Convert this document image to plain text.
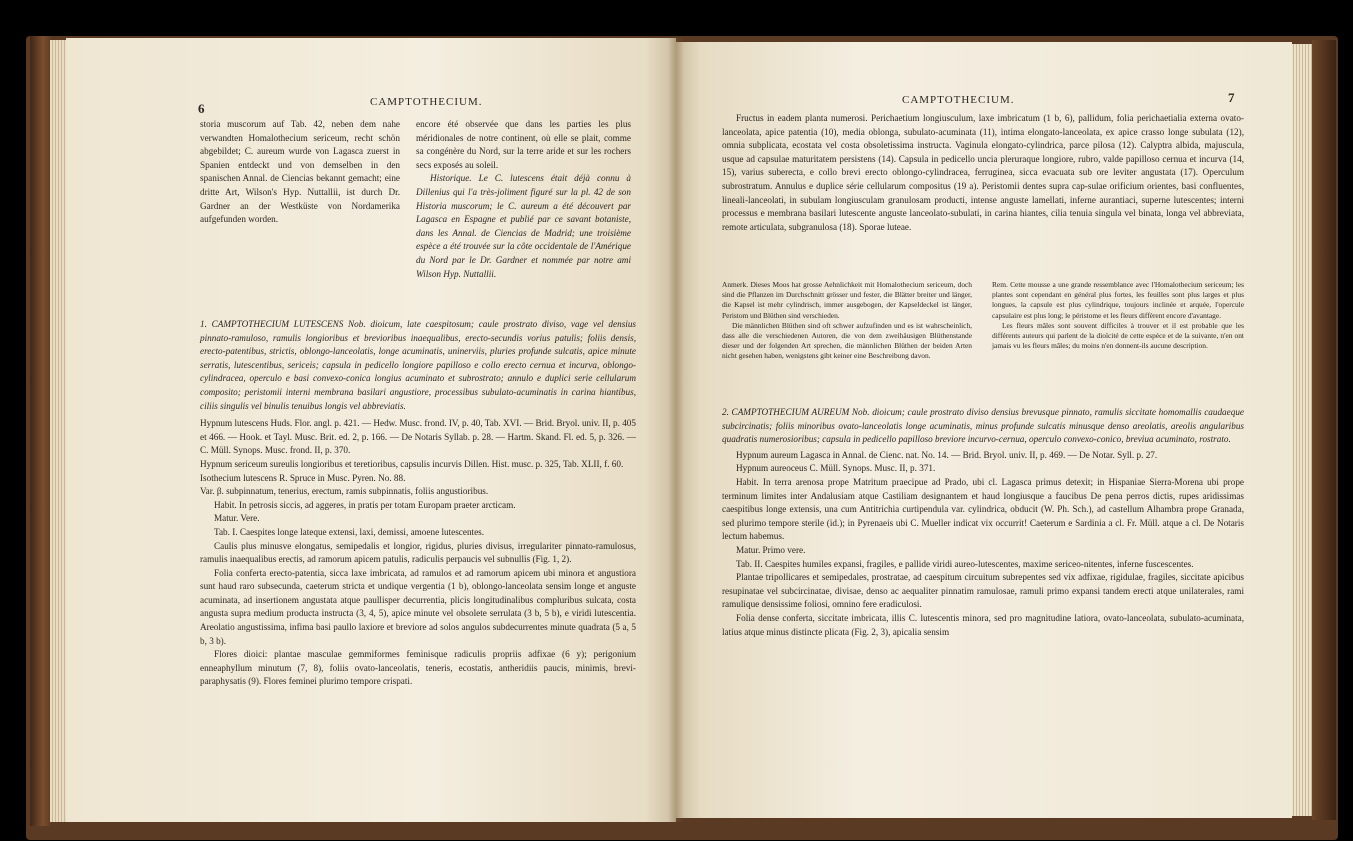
6	CAMPTOTHECIUM.
storia muscorum auf Tab. 42, neben dem nahe verwandten Homalothecium sericeum, recht schön abgebildet; C. aureum wurde von Lagasca zuerst in Spanien entdeckt und von demselben in den spanischen Annal. de Ciencias bekannt gemacht; eine dritte Art, Wilson's Hyp. Nuttallii, ist durch Dr. Gardner an der Westküste von Nordamerika aufgefunden worden.

encore été observée que dans les parties les plus méridionales de notre continent, où elle se plait, comme sa congénère du Nord, sur la terre aride et sur les rochers secs exposés au soleil.

Historique. Le C. lutescens était déjà connu à Dillenius qui l'a très-joliment figuré sur la pl. 42 de son Historia muscorum; le C. aureum a été découvert par Lagasca en Espagne et publié par ce savant botaniste, dans les Annal. de Ciencias de Madrid; une troisième espèce a été trouvée sur la côte occidentale de l'Amérique du Nord par le Dr. Gardner et nommée par notre ami Wilson Hyp. Nuttallii.

1. CAMPTOTHECIUM LUTESCENS Nob. dioicum, late caespitosum; caule prostrato diviso, vage vel densius pinnato-ramuloso, ramulis longioribus et brevioribus inaequalibus, erecto-secundis vorius patulis; foliis densis, erecto-patentibus, strictis, oblongo-lanceolatis, longe acuminatis, uninerviis, pluries profunde sulcatis, apice minute serratis, lutescentibus, sericeis; capsula in pedicello longiore papilloso e collo erecto cernua et incurva, oblongo-cylindracea, operculo e basi convexo-conica longius acuminato et subrostrato; annulo e duplici serie cellularum composito; peristomii interni membrana basilari angustiore, processibus subulato-acuminatis in carina hiantibus, ciliis singulis vel binulis tenuibus longis vel abbreviatis.

Hypnum lutescens Huds. Flor. angl. p. 421. — Hedw. Musc. frond. IV, p. 40, Tab. XVI. — Brid. Bryol. univ. II, p. 405 et 466. — Hook. et Tayl. Musc. Brit. ed. 2, p. 166. — De Notaris Syllab. p. 28. — Hartm. Skand. Fl. ed. 5, p. 326. — C. Müll. Synops. Musc. frond. II, p. 370.

Hypnum sericeum sureulis longioribus et teretioribus, capsulis incurvis Dillen. Hist. musc. p. 325, Tab. XLII, f. 60.

Isothecium lutescens R. Spruce in Musc. Pyren. No. 88.

Var. β. subpinnatum, tenerius, erectum, ramis subpinnatis, foliis angustioribus.

Habit. In petrosis siccis, ad aggeres, in pratis per totam Europam praeter arcticam.

Matur. Vere.

Tab. I. Caespites longe lateque extensi, laxi, demissi, amoene lutescentes.

Caulis plus minusve elongatus, semipedalis et longior, rigidus, pluries divisus, irregulariter pinnato-ramulosus, ramulis inaequalibus erectis, ad ramorum apicem patulis, radiculis perpaucis vel subnullis (Fig. 1, 2).

Folia conferta erecto-patentia, sicca laxe imbricata, ad ramulos et ad ramorum apicem ubi minora et angustiora sunt haud raro subsecunda, caeterum stricta et undique vergentia (1 b), oblongo-lanceolata sensim longe et anguste acuminata, ad insertionem angustata atque paullisper decurrentia, plicis longitudinalibus compluribus sulcata, costa angusta supra medium producta instructa (3, 4, 5), apice minute vel obsolete serrulata (3 b, 5 b), e viridi lutescentia. Areolatio angustissima, infima basi paullo laxiore et breviore ad solos angulos subdecurrentes minute quadrata (5 a, 5 b, 3 b).

Flores dioici: plantae masculae gemmiformes feminisque radiculis propriis adfixae (6 y); perigonium enneaphyllum minutum (7, 8), foliis ovato-lanceolatis, teneris, ecostatis, antheridiis paucis, minimis, brevi-paraphysatis (9). Flores feminei plurimo tempore crispati.

CAMPTOTHECIUM.	7

Fructus in eadem planta numerosi. Perichaetium longiusculum, laxe imbricatum (1 b, 6), pallidum, folia perichaetialia externa ovato-lanceolata, apice patentia (10), media oblonga, subulato-acuminata (11), intima elongato-lanceolata, ex apice crasso longe subulata (12), omnia subplicata, ecostata vel costa obsoletissima instructa. Vaginula elongato-cylindrica, parce pilosa (12). Calyptra albida, majuscula, usque ad capsulae maturitatem persistens (14). Capsula in pedicello uncia pleruraque longiore, rubro, valde papilloso cernua et incurva (14, 15), varius suberecta, e collo brevi erecto oblongo-cylindracea, ferruginea, sicca evacuata sub ore leviter angustata (17). Operculum subrostratum. Annulus e duplice série cellularum compositus (19 a). Peristomii dentes supra cap-sulae orificium orientes, basi confluentes, lineali-lanceolati, in subulam longiusculam granulosam producti, intense anguste lamellati, inferne aurantiaci, superne lutescentes; interni processus e membrana basilari lutescente anguste lanceolato-subulati, in carina hiantes, cilia tenuia singula vel binata, longa vel abbreviata, remote articulata, subgranulosa (18). Sporae luteae.

Anmerk. Dieses Moos hat grosse Aehnlichkeit mit Homalothecium sericeum, doch sind die Pflanzen im Durchschnitt grösser und fester, die Blätter breiter und länger, die Kapsel ist mehr cylindrisch, immer ausgebogen, der Kapseldeckel ist länger, Peristom und Blüthen sind verschieden.

Die männlichen Blüthen sind oft schwer aufzufinden und es ist wahrscheinlich, dass alle die verschiedenen Autoren, die von dem zweihäusigen Blüthenstande dieser und der folgenden Art sprechen, die männlichen Blüthen der beiden Arten nicht gesehen haben, wenigstens gibt keiner eine Beschreibung davon.

Rem. Cette mousse a une grande ressemblance avec l'Homalothecium sericeum; les plantes sont cependant en général plus fortes, les feuilles sont plus larges et plus longues, la capsule est plus cylindrique, toujours inclinée et arquée, l'opercule capsulaire est plus long; le péristome et les fleurs diffèrent encore d'avantage.

Les fleurs mâles sont souvent difficiles à trouver et il est probable que les différents auteurs qui parlent de la dioïcité de cette espèce et de la suivante, n'en ont jamais vu les fleurs mâles; du moins n'en donnent-ils aucune description.

2. CAMPTOTHECIUM AUREUM Nob. dioicum; caule prostrato diviso densius brevusque pinnato, ramulis siccitate homomallis caudaeque subcircinatis; foliis minoribus ovato-lanceolatis longe acuminatis, minus profunde sulcatis minusque denso areolatis, areolis angularibus quadratis numerosioribus; capsula in pedicello papilloso breviore incurvo-cernua, operculo convexo-conico, breviua acuminato, rostrato.

Hypnum aureum Lagasca in Annal. de Cienc. nat. No. 14. — Brid. Bryol. univ. II, p. 469. — De Notar. Syll. p. 27.

Hypnum aureoceus C. Müll. Synops. Musc. II, p. 371.

Habit. In terra arenosa prope Matritum praecipue ad Prado, ubi cl. Lagasca primus detexit; in Hispaniae Sierra-Morena ubi prope terminum limites inter Andalusiam atque Castiliam designantem et haud longiusque a faucibus De pena perros dictis, rupes aridissimas caespitibus longe extensis, una cum Antitrichia curtipendula var. cylindrica, obducit (W. Ph. Sch.), ad castellum Alhambra prope Granada, sed plurimo tempore sterile (id.); in Pyrenaeis ubi C. Mueller indicat vix occurrit! Caeterum e Sardinia a cl. Fr. Müll. atque a cl. De Notaris lectum habemus.

Matur. Primo vere.

Tab. II. Caespites humiles expansi, fragiles, e pallide viridi aureo-lutescentes, maxime sericeo-nitentes, inferne fuscescentes.

Plantae tripollicares et semipedales, prostratae, ad caespitum circuitum subrepentes sed vix adfixae, rigidulae, fragiles, siccitate apicibus resupinatae vel subcircinatae, divisae, denso ac aequaliter pinnatim ramulosae, ramuli primo expansi tandem erecti atque unilaterales, rami ramulique densissime foliosi, omnino fere eradiculosi.

Folia dense conferta, siccitate imbricata, illis C. lutescentis minora, sed pro magnitudine latiora, ovato-lanceolata, subulato-acuminata, latius atque minus distincte plicata (Fig. 2, 3), apicalia sensim
